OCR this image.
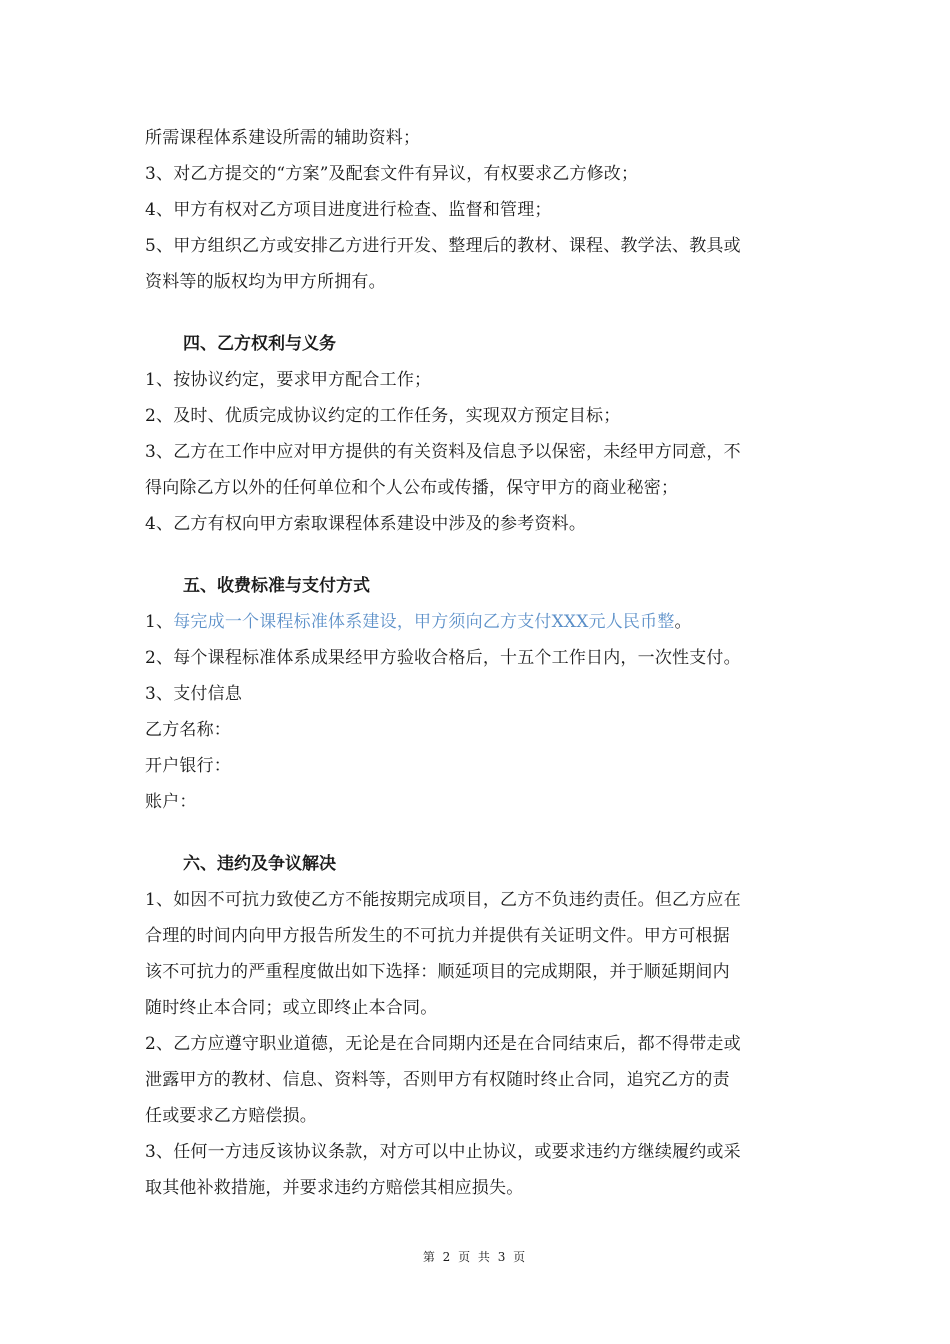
所需课程体系建设所需的辅助资料；
3、对乙方提交的“方案”及配套文件有异议，有权要求乙方修改；
4、甲方有权对乙方项目进度进行检查、监督和管理；
5、甲方组织乙方或安排乙方进行开发、整理后的教材、课程、教学法、教具或
资料等的版权均为甲方所拥有。
四、乙方权利与义务
1、按协议约定，要求甲方配合工作；
2、及时、优质完成协议约定的工作任务，实现双方预定目标；
3、乙方在工作中应对甲方提供的有关资料及信息予以保密，未经甲方同意，不
得向除乙方以外的任何单位和个人公布或传播，保守甲方的商业秘密；
4、乙方有权向甲方索取课程体系建设中涉及的参考资料。
五、收费标准与支付方式
1、每完成一个课程标准体系建设，甲方须向乙方支付XXX元人民币整。
2、每个课程标准体系成果经甲方验收合格后，十五个工作日内，一次性支付。
3、支付信息
乙方名称：
开户银行：
账户：
六、违约及争议解决
1、如因不可抗力致使乙方不能按期完成项目，乙方不负违约责任。但乙方应在
合理的时间内向甲方报告所发生的不可抗力并提供有关证明文件。甲方可根据
该不可抗力的严重程度做出如下选择：顺延项目的完成期限，并于顺延期间内
随时终止本合同；或立即终止本合同。
2、乙方应遵守职业道德，无论是在合同期内还是在合同结束后，都不得带走或
泄露甲方的教材、信息、资料等，否则甲方有权随时终止合同，追究乙方的责
任或要求乙方赔偿损。
3、任何一方违反该协议条款，对方可以中止协议，或要求违约方继续履约或采
取其他补救措施，并要求违约方赔偿其相应损失。
第 2 页 共 3 页
